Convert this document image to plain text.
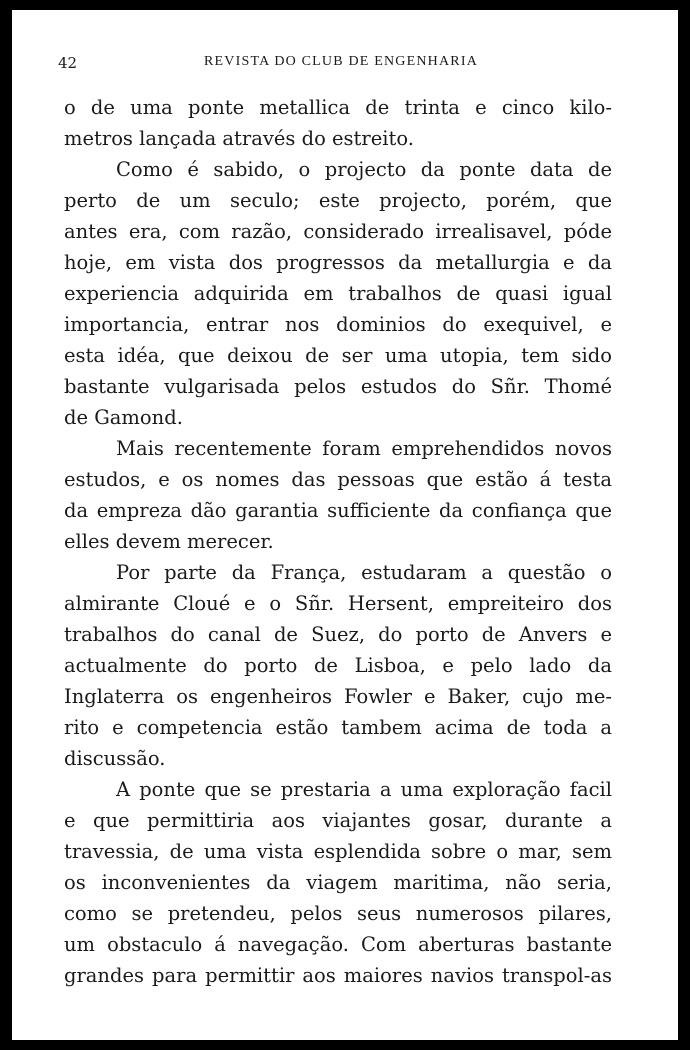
42	REVISTA DO CLUB DE ENGENHARIA
o de uma ponte metallica de trinta e cinco kilo-
metros lançada através do estreito.
Como é sabido, o projecto da ponte data de
perto de um seculo; este projecto, porém, que
antes era, com razão, considerado irrealisavel, póde
hoje, em vista dos progressos da metallurgia e da
experiencia adquirida em trabalhos de quasi igual
importancia, entrar nos dominios do exequivel, e
esta idéa, que deixou de ser uma utopia, tem sido
bastante vulgarisada pelos estudos do Sñr. Thomé
de Gamond.
Mais recentemente foram emprehendidos novos
estudos, e os nomes das pessoas que estão á testa
da empreza dão garantia sufficiente da confiança que
elles devem merecer.
Por parte da França, estudaram a questão o
almirante Cloué e o Sñr. Hersent, empreiteiro dos
trabalhos do canal de Suez, do porto de Anvers e
actualmente do porto de Lisboa, e pelo lado da
Inglaterra os engenheiros Fowler e Baker, cujo me-
rito e competencia estão tambem acima de toda a
discussão.
A ponte que se prestaria a uma exploração facil
e que permittiria aos viajantes gosar, durante a
travessia, de uma vista esplendida sobre o mar, sem
os inconvenientes da viagem maritima, não seria,
como se pretendeu, pelos seus numerosos pilares,
um obstaculo á navegação. Com aberturas bastante
grandes para permittir aos maiores navios transpol-as
